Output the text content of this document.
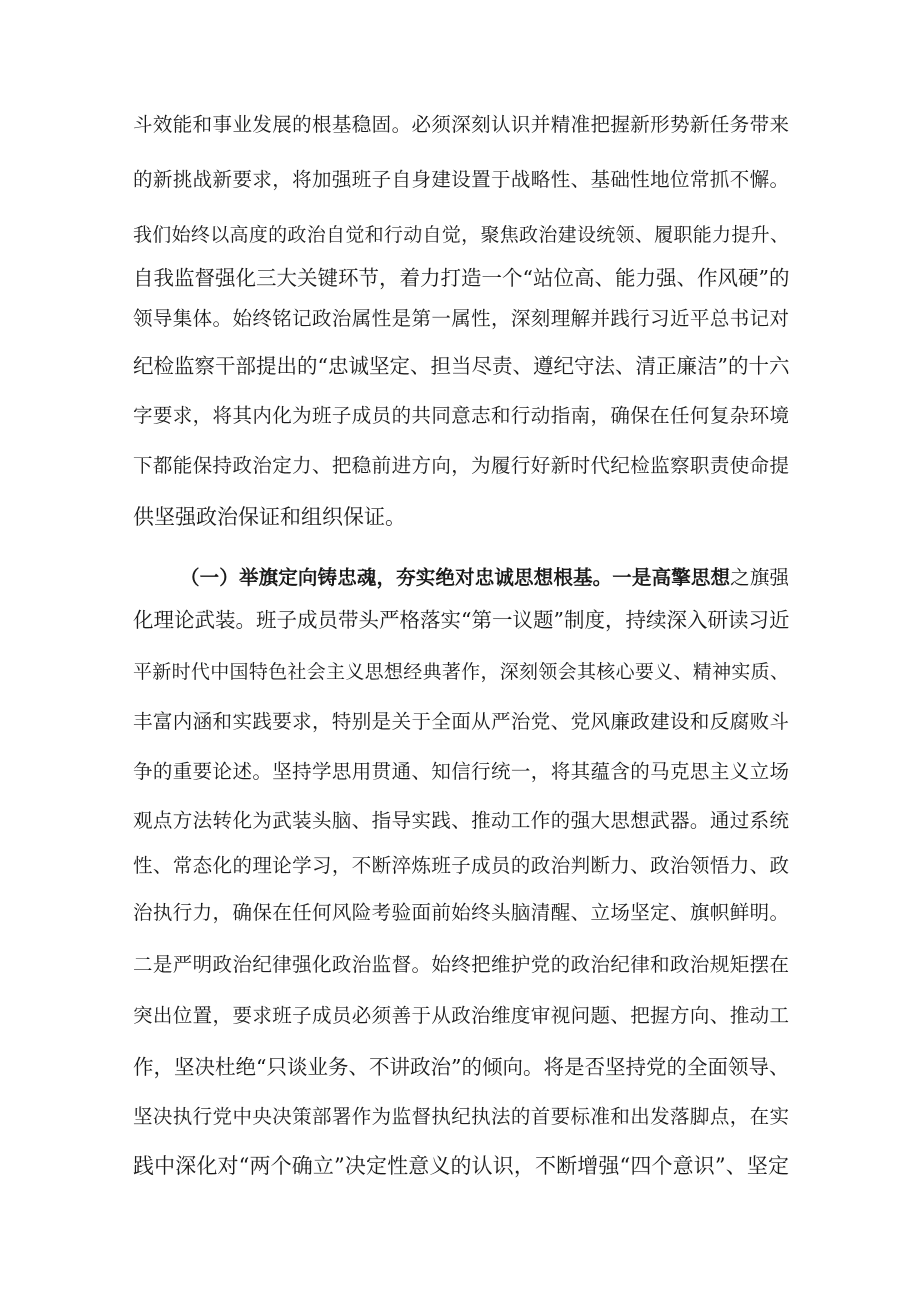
斗效能和事业发展的根基稳固。必须深刻认识并精准把握新形势新任务带来
的新挑战新要求，将加强班子自身建设置于战略性、基础性地位常抓不懈。
我们始终以高度的政治自觉和行动自觉，聚焦政治建设统领、履职能力提升、
自我监督强化三大关键环节，着力打造一个“站位高、能力强、作风硬”的
领导集体。始终铭记政治属性是第一属性，深刻理解并践行习近平总书记对
纪检监察干部提出的“忠诚坚定、担当尽责、遵纪守法、清正廉洁”的十六
字要求，将其内化为班子成员的共同意志和行动指南，确保在任何复杂环境
下都能保持政治定力、把稳前进方向，为履行好新时代纪检监察职责使命提
供坚强政治保证和组织保证。
（一）举旗定向铸忠魂，夯实绝对忠诚思想根基。一是高擎思想之旗强
化理论武装。班子成员带头严格落实“第一议题”制度，持续深入研读习近
平新时代中国特色社会主义思想经典著作，深刻领会其核心要义、精神实质、
丰富内涵和实践要求，特别是关于全面从严治党、党风廉政建设和反腐败斗
争的重要论述。坚持学思用贯通、知信行统一，将其蕴含的马克思主义立场
观点方法转化为武装头脑、指导实践、推动工作的强大思想武器。通过系统
性、常态化的理论学习，不断淬炼班子成员的政治判断力、政治领悟力、政
治执行力，确保在任何风险考验面前始终头脑清醒、立场坚定、旗帜鲜明。
二是严明政治纪律强化政治监督。始终把维护党的政治纪律和政治规矩摆在
突出位置，要求班子成员必须善于从政治维度审视问题、把握方向、推动工
作，坚决杜绝“只谈业务、不讲政治”的倾向。将是否坚持党的全面领导、
坚决执行党中央决策部署作为监督执纪执法的首要标准和出发落脚点，在实
践中深化对“两个确立”决定性意义的认识，不断增强“四个意识”、坚定
